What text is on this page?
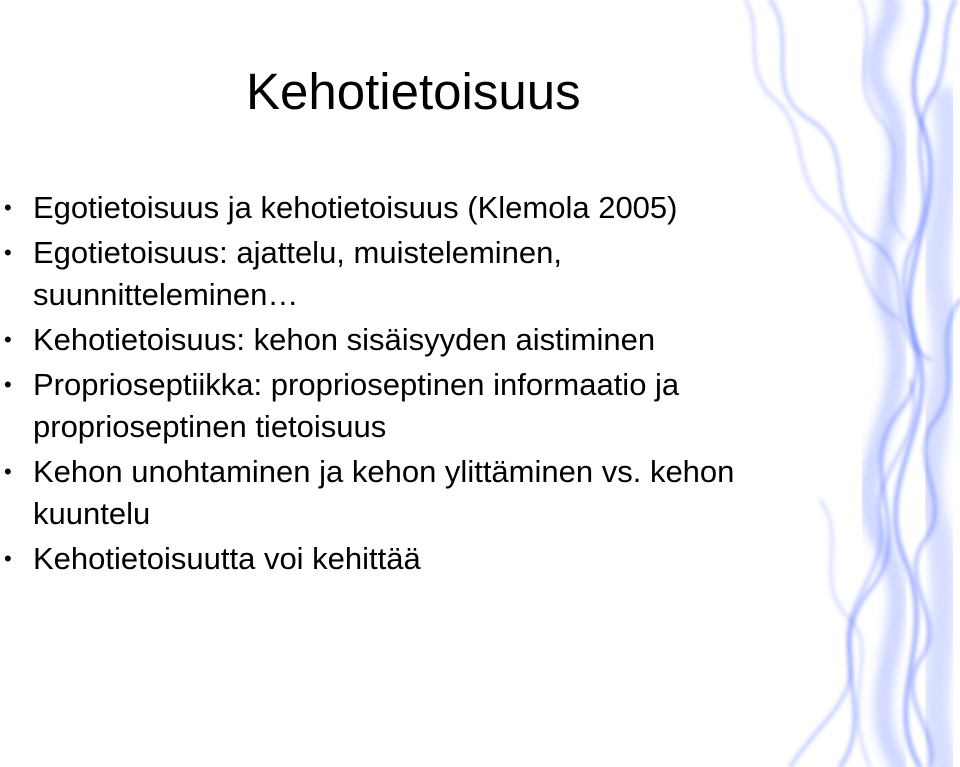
Kehotietoisuus
• Egotietoisuus ja kehotietoisuus (Klemola 2005)
• Egotietoisuus: ajattelu, muisteleminen, suunnitteleminen…
• Kehotietoisuus: kehon sisäisyyden aistiminen
• Proprioseptiikka: proprioseptinen informaatio ja proprioseptinen tietoisuus
• Kehon unohtaminen ja kehon ylittäminen vs. kehon kuuntelu
• Kehotietoisuutta voi kehittää
